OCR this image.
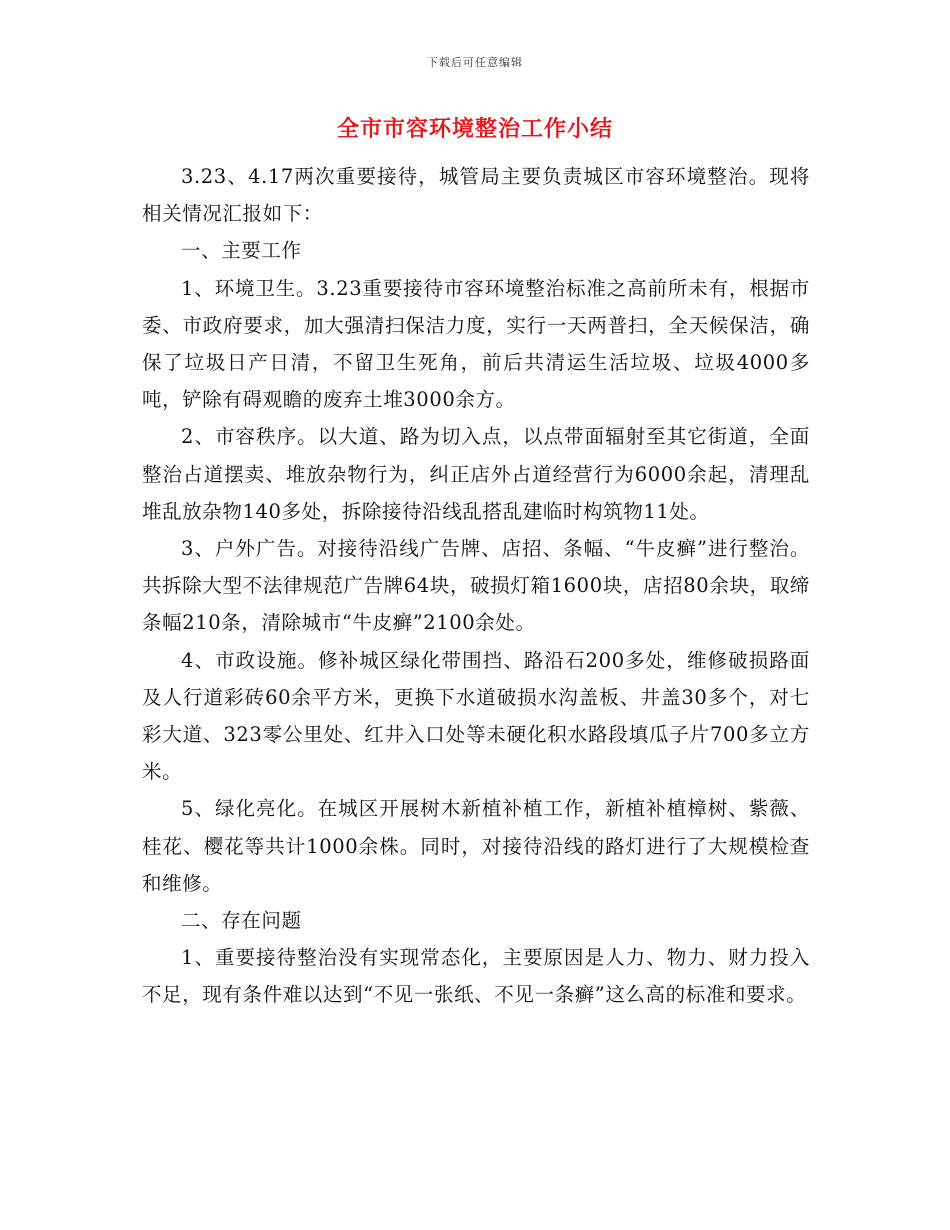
下载后可任意编辑
全市市容环境整治工作小结

3.23、4.17两次重要接待，城管局主要负责城区市容环境整治。现将相关情况汇报如下：

一、主要工作

1、环境卫生。3.23重要接待市容环境整治标准之高前所未有，根据市委、市政府要求，加大强清扫保洁力度，实行一天两普扫，全天候保洁，确保了垃圾日产日清，不留卫生死角，前后共清运生活垃圾、垃圾4000多吨，铲除有碍观瞻的废弃土堆3000余方。

2、市容秩序。以大道、路为切入点，以点带面辐射至其它街道，全面整治占道摆卖、堆放杂物行为，纠正店外占道经营行为6000余起，清理乱堆乱放杂物140多处，拆除接待沿线乱搭乱建临时构筑物11处。

3、户外广告。对接待沿线广告牌、店招、条幅、“牛皮癣”进行整治。共拆除大型不法律规范广告牌64块，破损灯箱1600块，店招80余块，取缔条幅210条，清除城市“牛皮癣”2100余处。

4、市政设施。修补城区绿化带围挡、路沿石200多处，维修破损路面及人行道彩砖60余平方米，更换下水道破损水沟盖板、井盖30多个，对七彩大道、323零公里处、红井入口处等未硬化积水路段填瓜子片700多立方米。

5、绿化亮化。在城区开展树木新植补植工作，新植补植樟树、紫薇、桂花、樱花等共计1000余株。同时，对接待沿线的路灯进行了大规模检查和维修。

二、存在问题

1、重要接待整治没有实现常态化，主要原因是人力、物力、财力投入不足，现有条件难以达到“不见一张纸、不见一条癣”这么高的标准和要求。
